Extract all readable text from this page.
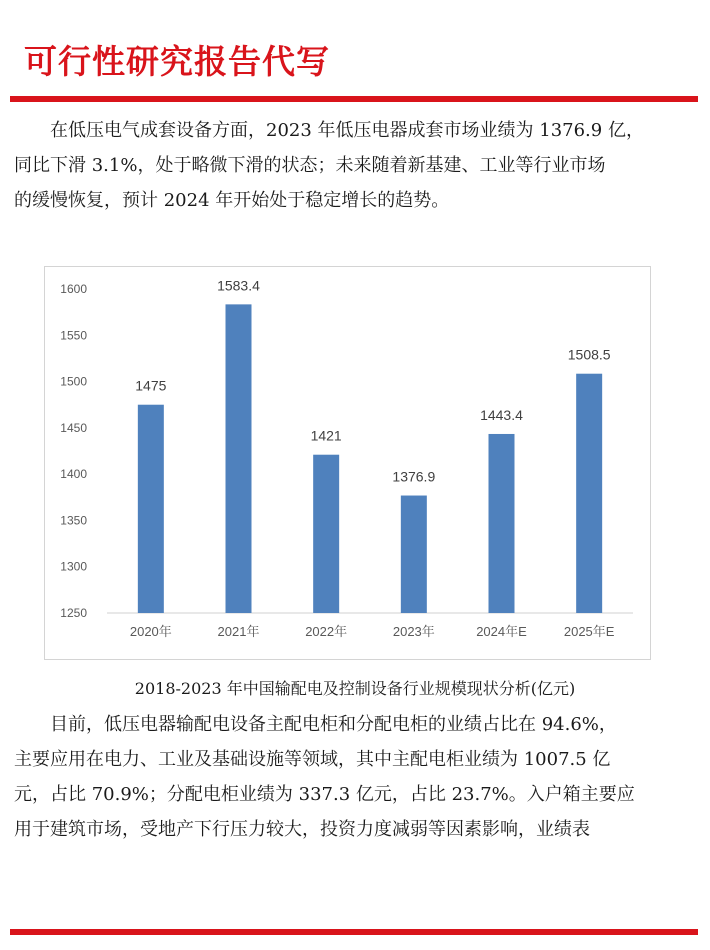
可行性研究报告代写
在低压电气成套设备方面，2023 年低压电器成套市场业绩为 1376.9 亿，
同比下滑 3.1%，处于略微下滑的状态；未来随着新基建、工业等行业市场
的缓慢恢复，预计 2024 年开始处于稳定增长的趋势。
1250
1300
1350
1400
1450
1500
1550
1600
1475
2020年
1583.4
2021年
1421
2022年
1376.9
2023年
1443.4
2024年E
1508.5
2025年E
2018-2023 年中国输配电及控制设备行业规模现状分析(亿元)
目前，低压电器输配电设备主配电柜和分配电柜的业绩占比在 94.6%，
主要应用在电力、工业及基础设施等领域，其中主配电柜业绩为 1007.5 亿
元，占比 70.9%；分配电柜业绩为 337.3 亿元，占比 23.7%。入户箱主要应
用于建筑市场，受地产下行压力较大，投资力度减弱等因素影响，业绩表
